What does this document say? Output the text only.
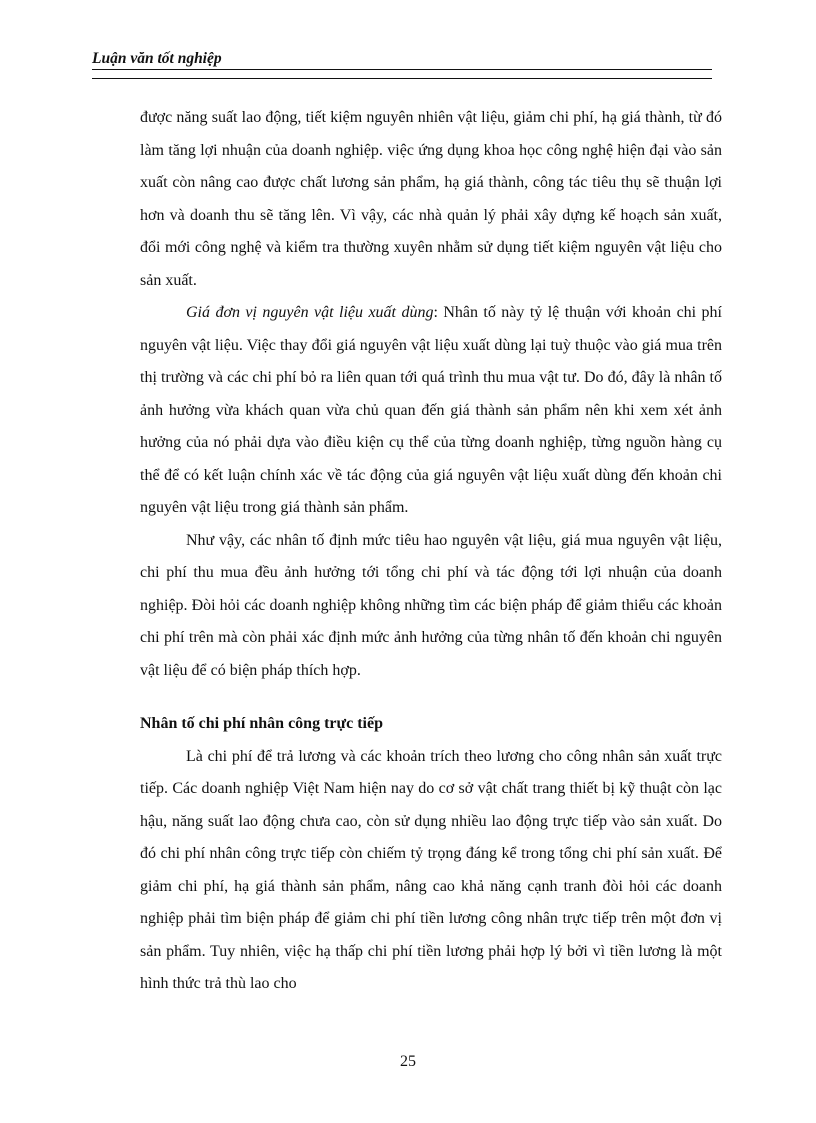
Luận văn tốt nghiệp

được năng suất lao động, tiết kiệm nguyên nhiên vật liệu, giảm chi phí, hạ giá thành, từ đó làm tăng lợi nhuận của doanh nghiệp. việc ứng dụng khoa học công nghệ hiện đại vào sản xuất còn nâng cao được chất lương sản phẩm, hạ giá thành, công tác tiêu thụ sẽ thuận lợi hơn và doanh thu sẽ tăng lên. Vì vậy, các nhà quản lý phải xây dựng kế hoạch sản xuất, đổi mới công nghệ và kiểm tra thường xuyên nhằm sử dụng tiết kiệm nguyên vật liệu cho sản xuất.

Giá đơn vị nguyên vật liệu xuất dùng: Nhân tố này tỷ lệ thuận với khoản chi phí nguyên vật liệu. Việc thay đổi giá nguyên vật liệu xuất dùng lại tuỳ thuộc vào giá mua trên thị trường và các chi phí bỏ ra liên quan tới quá trình thu mua vật tư. Do đó, đây là nhân tố ảnh hưởng vừa khách quan vừa chủ quan đến giá thành sản phẩm nên khi xem xét ảnh hưởng của nó phải dựa vào điều kiện cụ thể của từng doanh nghiệp, từng nguồn hàng cụ thể để có kết luận chính xác về tác động của giá nguyên vật liệu xuất dùng đến khoản chi nguyên vật liệu trong giá thành sản phẩm.

Như vậy, các nhân tố định mức tiêu hao nguyên vật liệu, giá mua nguyên vật liệu, chi phí thu mua đều ảnh hưởng tới tổng chi phí và tác động tới lợi nhuận của doanh nghiệp. Đòi hỏi các doanh nghiệp không những tìm các biện pháp để giảm thiểu các khoản chi phí trên mà còn phải xác định mức ảnh hưởng của từng nhân tố đến khoản chi nguyên vật liệu để có biện pháp thích hợp.

Nhân tố chi phí nhân công trực tiếp

Là chi phí để trả lương và các khoản trích theo lương cho công nhân sản xuất trực tiếp. Các doanh nghiệp Việt Nam hiện nay do cơ sở vật chất trang thiết bị kỹ thuật còn lạc hậu, năng suất lao động chưa cao, còn sử dụng nhiều lao động trực tiếp vào sản xuất. Do đó chi phí nhân công trực tiếp còn chiếm tỷ trọng đáng kể trong tổng chi phí sản xuất. Để giảm chi phí, hạ giá thành sản phẩm, nâng cao khả năng cạnh tranh đòi hỏi các doanh nghiệp phải tìm biện pháp để giảm chi phí tiền lương công nhân trực tiếp trên một đơn vị sản phẩm. Tuy nhiên, việc hạ thấp chi phí tiền lương phải hợp lý bởi vì tiền lương là một hình thức trả thù lao cho

25
